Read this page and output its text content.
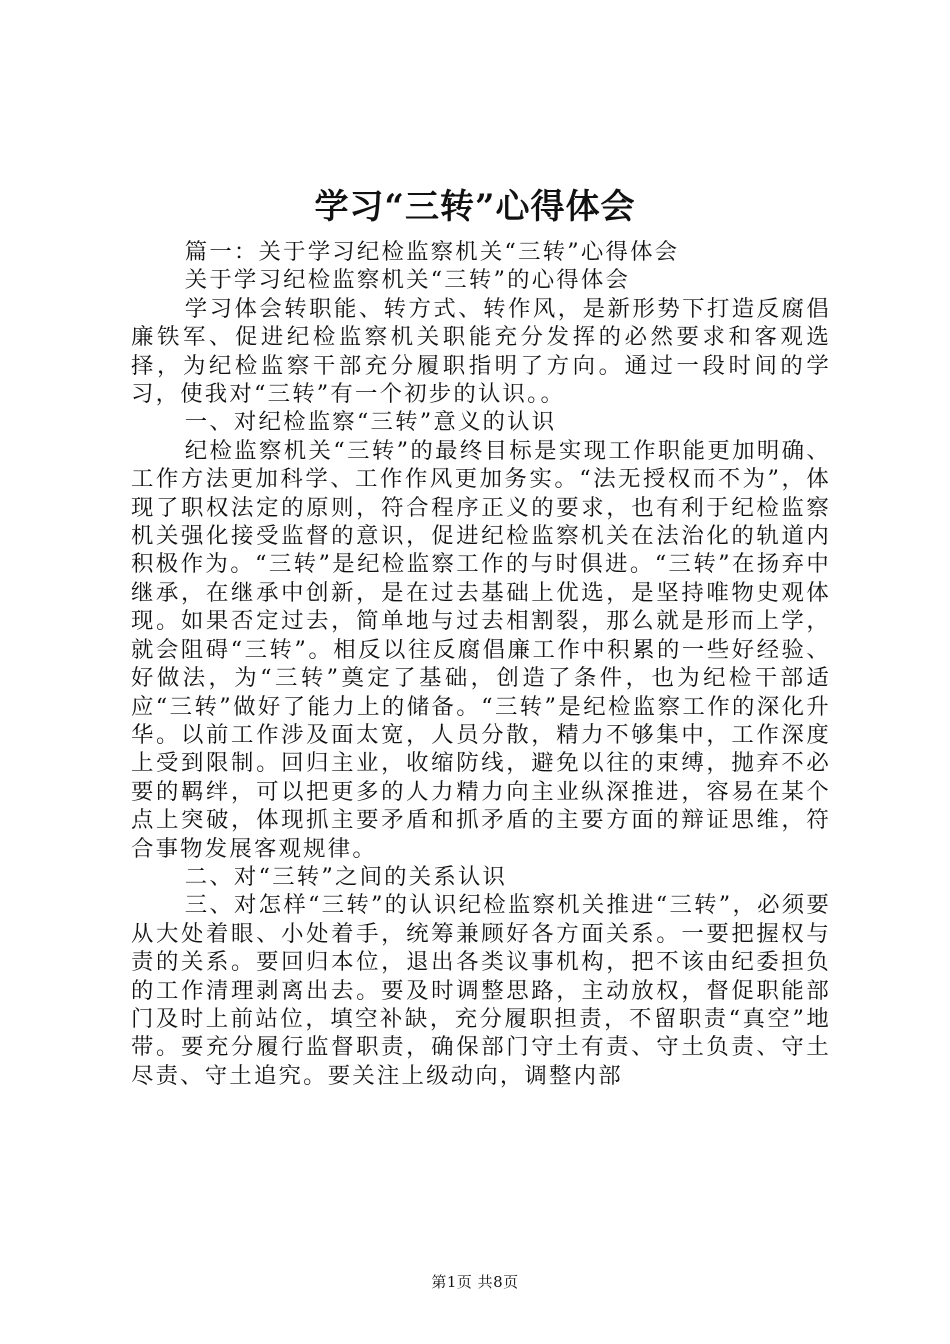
学习“三转”心得体会

篇一：关于学习纪检监察机关“三转”心得体会

关于学习纪检监察机关“三转”的心得体会

学习体会转职能、转方式、转作风，是新形势下打造反腐倡廉铁军、促进纪检监察机关职能充分发挥的必然要求和客观选择，为纪检监察干部充分履职指明了方向。通过一段时间的学习，使我对“三转”有一个初步的认识。。

一、对纪检监察“三转”意义的认识

纪检监察机关“三转”的最终目标是实现工作职能更加明确、工作方法更加科学、工作作风更加务实。“法无授权而不为”，体现了职权法定的原则，符合程序正义的要求，也有利于纪检监察机关强化接受监督的意识，促进纪检监察机关在法治化的轨道内积极作为。“三转”是纪检监察工作的与时俱进。“三转”在扬弃中继承，在继承中创新，是在过去基础上优选，是坚持唯物史观体现。如果否定过去，简单地与过去相割裂，那么就是形而上学，就会阻碍“三转”。相反以往反腐倡廉工作中积累的一些好经验、好做法，为“三转”奠定了基础，创造了条件，也为纪检干部适应“三转”做好了能力上的储备。“三转”是纪检监察工作的深化升华。以前工作涉及面太宽，人员分散，精力不够集中，工作深度上受到限制。回归主业，收缩防线，避免以往的束缚，抛弃不必要的羁绊，可以把更多的人力精力向主业纵深推进，容易在某个点上突破，体现抓主要矛盾和抓矛盾的主要方面的辩证思维，符合事物发展客观规律。

二、对“三转”之间的关系认识

三、对怎样“三转”的认识纪检监察机关推进“三转”，必须要从大处着眼、小处着手，统筹兼顾好各方面关系。一要把握权与责的关系。要回归本位，退出各类议事机构，把不该由纪委担负的工作清理剥离出去。要及时调整思路，主动放权，督促职能部门及时上前站位，填空补缺，充分履职担责，不留职责“真空”地带。要充分履行监督职责，确保部门守土有责、守土负责、守土尽责、守土追究。要关注上级动向，调整内部

第1页 共8页
